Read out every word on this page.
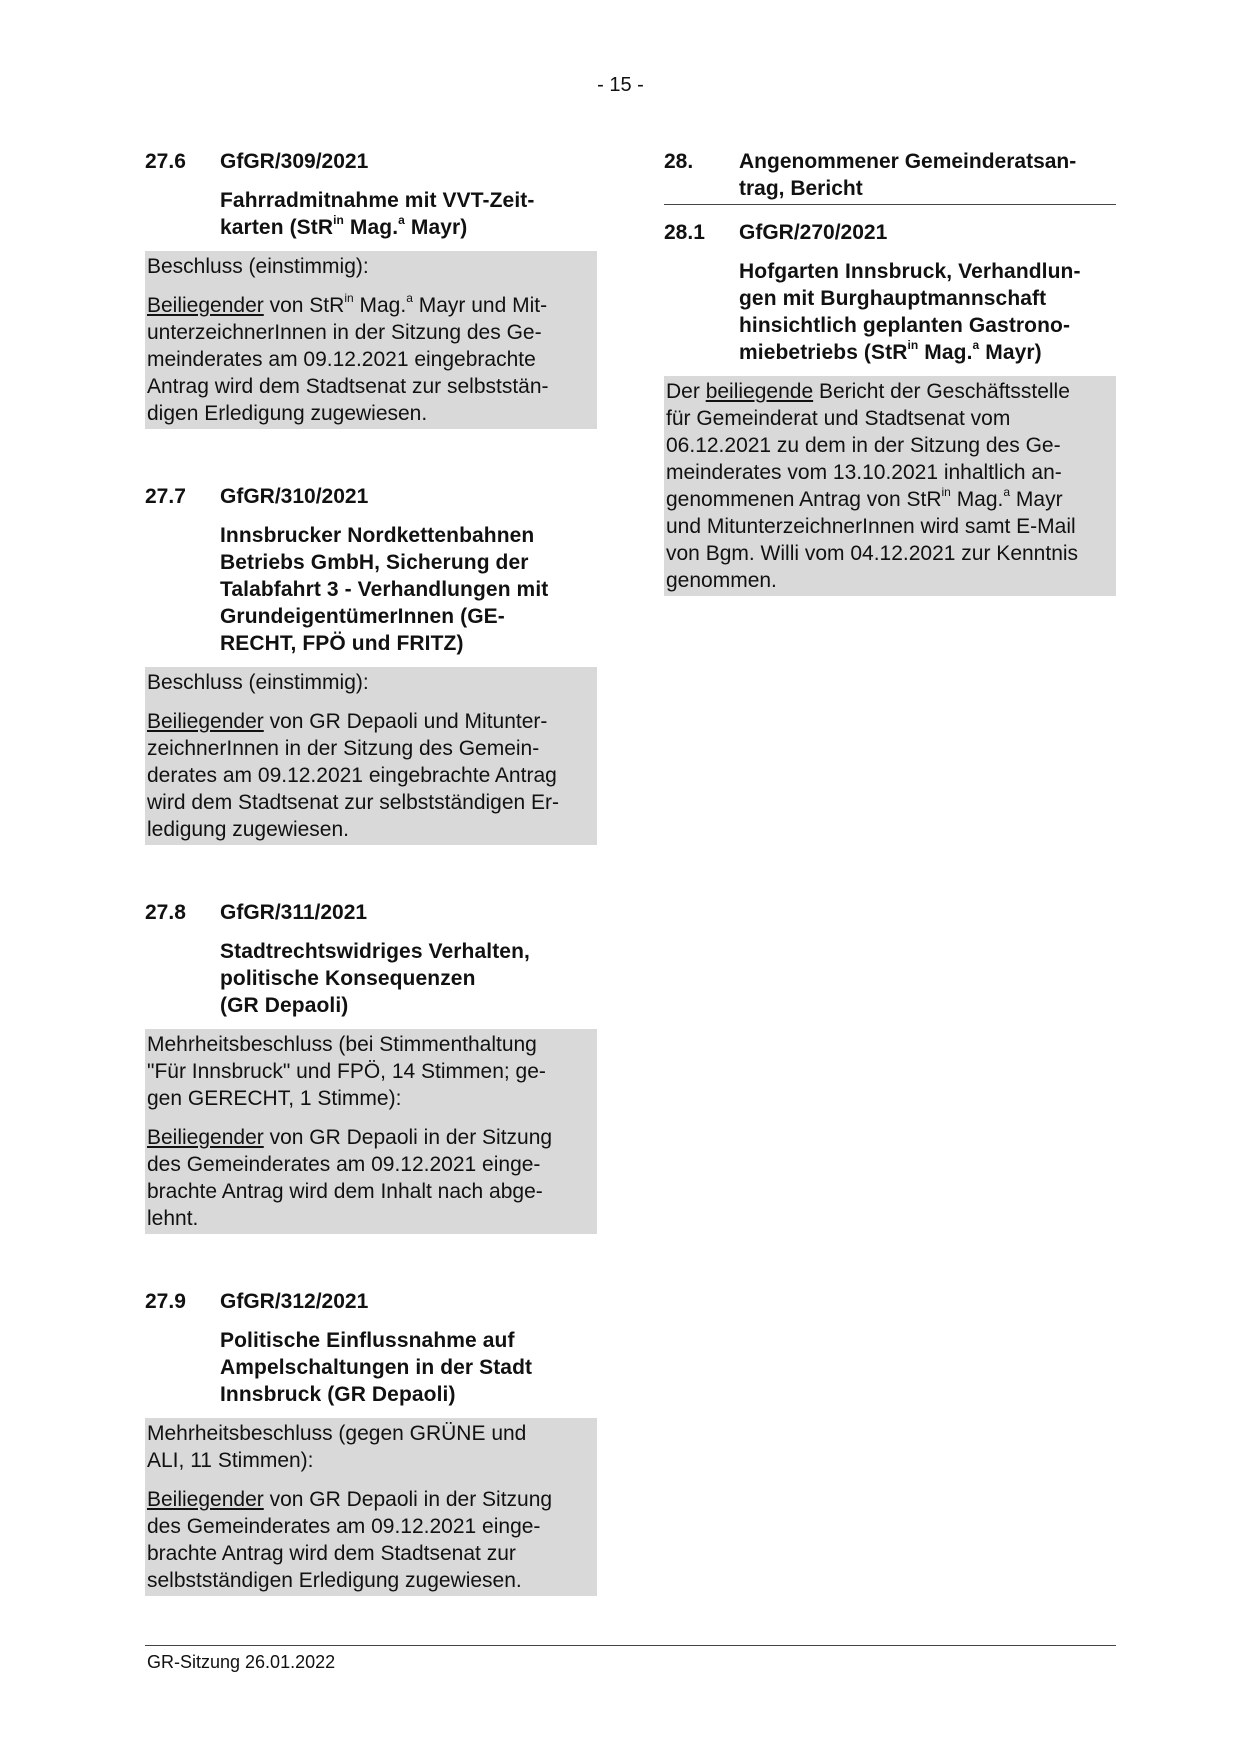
- 15 -
27.6	GfGR/309/2021
Fahrradmitnahme mit VVT-Zeit-
karten (StR$^{in}$ Mag.$^a$ Mayr)

Beschluss (einstimmig):

Beiliegender von StR$^{in}$ Mag.$^a$ Mayr und Mit-
unterzeichnerInnen in der Sitzung des Ge-
meinderates am 09.12.2021 eingebrachte
Antrag wird dem Stadtsenat zur selbststän-
digen Erledigung zugewiesen.

27.7	GfGR/310/2021
Innsbrucker Nordkettenbahnen
Betriebs GmbH, Sicherung der
Talabfahrt 3 - Verhandlungen mit
GrundeigentümerInnen (GE-
RECHT, FPÖ und FRITZ)

Beschluss (einstimmig):

Beiliegender von GR Depaoli und Mitunter-
zeichnerInnen in der Sitzung des Gemein-
derates am 09.12.2021 eingebrachte Antrag
wird dem Stadtsenat zur selbstständigen Er-
ledigung zugewiesen.

27.8	GfGR/311/2021
Stadtrechtswidriges Verhalten,
politische Konsequenzen
(GR Depaoli)

Mehrheitsbeschluss (bei Stimmenthaltung
"Für Innsbruck" und FPÖ, 14 Stimmen; ge-
gen GERECHT, 1 Stimme):

Beiliegender von GR Depaoli in der Sitzung
des Gemeinderates am 09.12.2021 einge-
brachte Antrag wird dem Inhalt nach abge-
lehnt.

27.9	GfGR/312/2021
Politische Einflussnahme auf
Ampelschaltungen in der Stadt
Innsbruck (GR Depaoli)

Mehrheitsbeschluss (gegen GRÜNE und
ALI, 11 Stimmen):

Beiliegender von GR Depaoli in der Sitzung
des Gemeinderates am 09.12.2021 einge-
brachte Antrag wird dem Stadtsenat zur
selbstständigen Erledigung zugewiesen.

28.	Angenommener Gemeinderatsan-
trag, Bericht
28.1	GfGR/270/2021
Hofgarten Innsbruck, Verhandlun-
gen mit Burghauptmannschaft
hinsichtlich geplanten Gastrono-
miebetriebs (StR$^{in}$ Mag.$^a$ Mayr)

Der beiliegende Bericht der Geschäftsstelle
für Gemeinderat und Stadtsenat vom
06.12.2021 zu dem in der Sitzung des Ge-
meinderates vom 13.10.2021 inhaltlich an-
genommenen Antrag von StR$^{in}$ Mag.$^a$ Mayr
und MitunterzeichnerInnen wird samt E-Mail
von Bgm. Willi vom 04.12.2021 zur Kenntnis
genommen.

GR-Sitzung 26.01.2022
